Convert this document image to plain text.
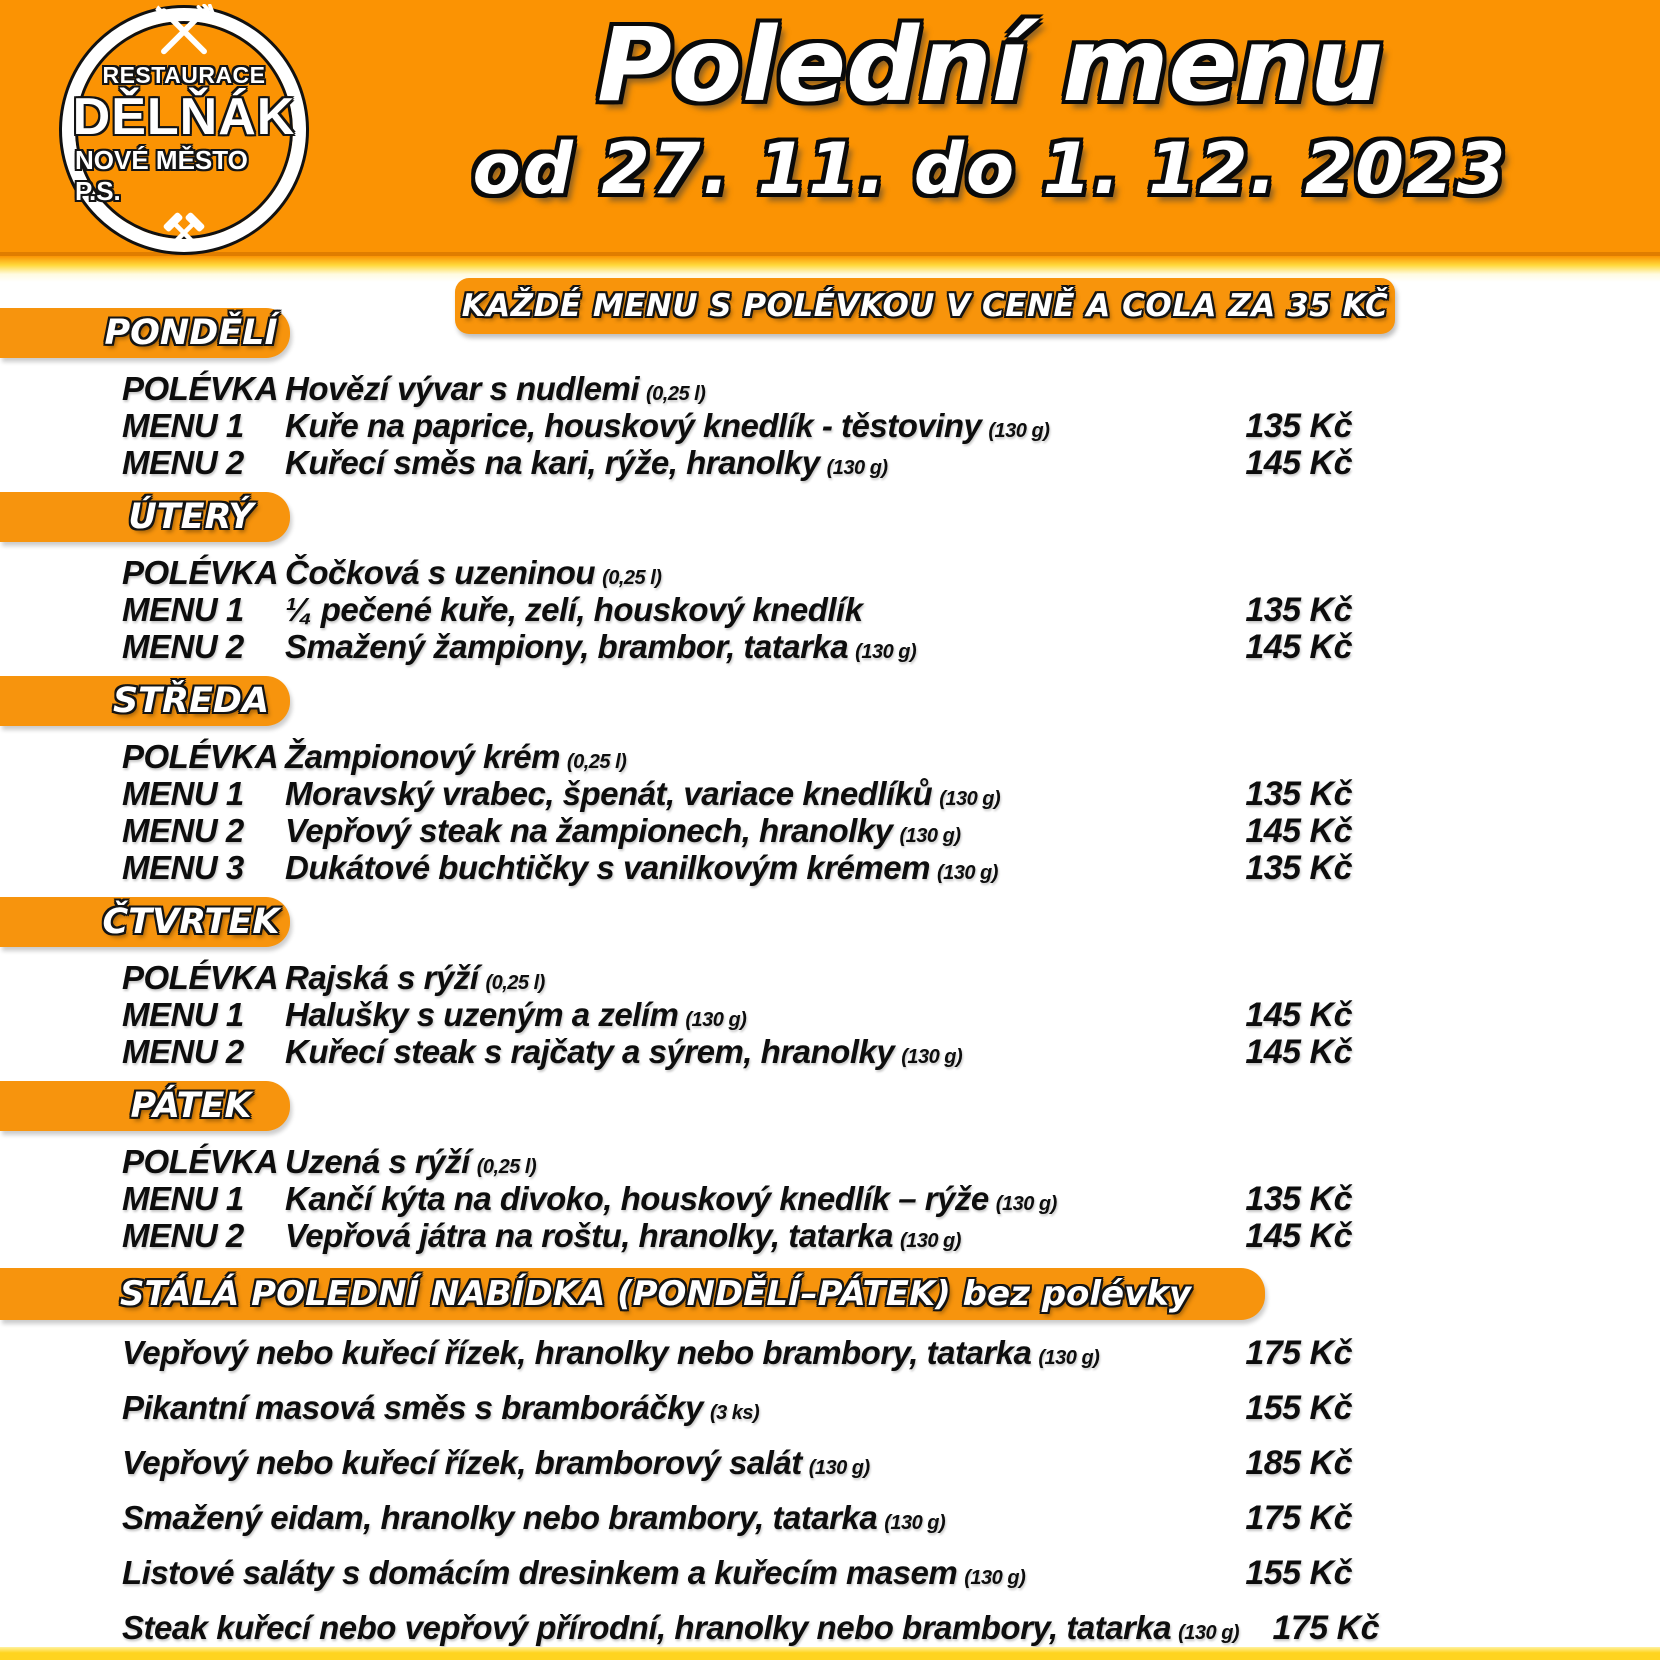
RESTAURACE
DĚLŇÁK
NOVÉ MĚSTO P.S.
Polední menu
od 27. 11. do 1. 12. 2023
KAŽDÉ MENU S POLÉVKOU V CENĚ A COLA ZA 35 KČ
PONDĚLÍ
POLÉVKA Hovězí vývar s nudlemi (0,25 l)
MENU 1	Kuře na paprice, houskový knedlík - těstoviny (130 g)	135 Kč
MENU 2	Kuřecí směs na kari, rýže, hranolky (130 g)	145 Kč
ÚTERÝ
POLÉVKA Čočková s uzeninou (0,25 l)
MENU 1	¼ pečené kuře, zelí, houskový knedlík	135 Kč
MENU 2	Smažený žampiony, brambor, tatarka (130 g)	145 Kč
STŘEDA
POLÉVKA Žampionový krém (0,25 l)
MENU 1	Moravský vrabec, špenát, variace knedlíků (130 g)	135 Kč
MENU 2	Vepřový steak na žampionech, hranolky (130 g)	145 Kč
MENU 3	Dukátové buchtičky s vanilkovým krémem (130 g)	135 Kč
ČTVRTEK
POLÉVKA Rajská s rýží (0,25 l)
MENU 1	Halušky s uzeným a zelím (130 g)	145 Kč
MENU 2	Kuřecí steak s rajčaty a sýrem, hranolky (130 g)	145 Kč
PÁTEK
POLÉVKA Uzená s rýží (0,25 l)
MENU 1	Kančí kýta na divoko, houskový knedlík – rýže (130 g)	135 Kč
MENU 2	Vepřová játra na roštu, hranolky, tatarka (130 g)	145 Kč
STÁLÁ POLEDNÍ NABÍDKA (PONDĚLÍ–PÁTEK) bez polévky
Vepřový nebo kuřecí řízek, hranolky nebo brambory, tatarka (130 g)	175 Kč
Pikantní masová směs s bramboráčky (3 ks)	155 Kč
Vepřový nebo kuřecí řízek, bramborový salát (130 g)	185 Kč
Smažený eidam, hranolky nebo brambory, tatarka (130 g)	175 Kč
Listové saláty s domácím dresinkem a kuřecím masem (130 g)	155 Kč
Steak kuřecí nebo vepřový přírodní, hranolky nebo brambory, tatarka (130 g) 175 Kč
